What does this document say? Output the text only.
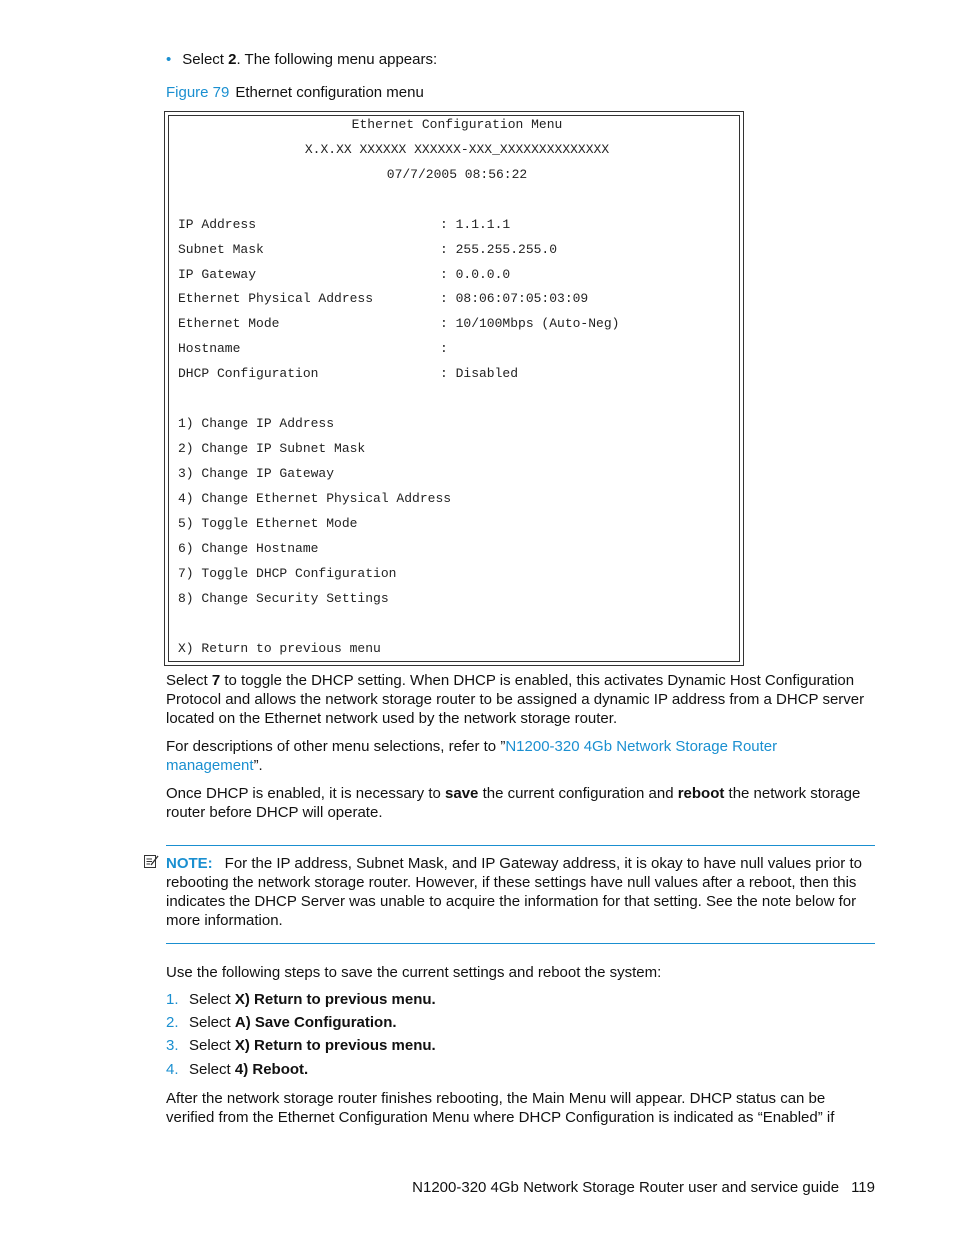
• Select 2. The following menu appears:
Figure 79 Ethernet configuration menu
Ethernet Configuration Menu
X.X.XX XXXXXX XXXXXX-XXX_XXXXXXXXXXXXXX
07/7/2005 08:56:22
IP Address	: 1.1.1.1
Subnet Mask	: 255.255.255.0
IP Gateway	: 0.0.0.0
Ethernet Physical Address	: 08:06:07:05:03:09
Ethernet Mode	: 10/100Mbps (Auto-Neg)
Hostname	:
DHCP Configuration	: Disabled
1) Change IP Address
2) Change IP Subnet Mask
3) Change IP Gateway
4) Change Ethernet Physical Address
5) Toggle Ethernet Mode
6) Change Hostname
7) Toggle DHCP Configuration
8) Change Security Settings
X) Return to previous menu
Select 7 to toggle the DHCP setting. When DHCP is enabled, this activates Dynamic Host Configuration
Protocol and allows the network storage router to be assigned a dynamic IP address from a DHCP server
located on the Ethernet network used by the network storage router.
For descriptions of other menu selections, refer to ”N1200-320 4Gb Network Storage Router
management”.
Once DHCP is enabled, it is necessary to save the current configuration and reboot the network storage
router before DHCP will operate.
NOTE: For the IP address, Subnet Mask, and IP Gateway address, it is okay to have null values prior to
rebooting the network storage router. However, if these settings have null values after a reboot, then this
indicates the DHCP Server was unable to acquire the information for that setting. See the note below for
more information.
Use the following steps to save the current settings and reboot the system:
1. Select X) Return to previous menu.
2. Select A) Save Configuration.
3. Select X) Return to previous menu.
4. Select 4) Reboot.
After the network storage router finishes rebooting, the Main Menu will appear. DHCP status can be
verified from the Ethernet Configuration Menu where DHCP Configuration is indicated as “Enabled” if
N1200-320 4Gb Network Storage Router user and service guide 119
